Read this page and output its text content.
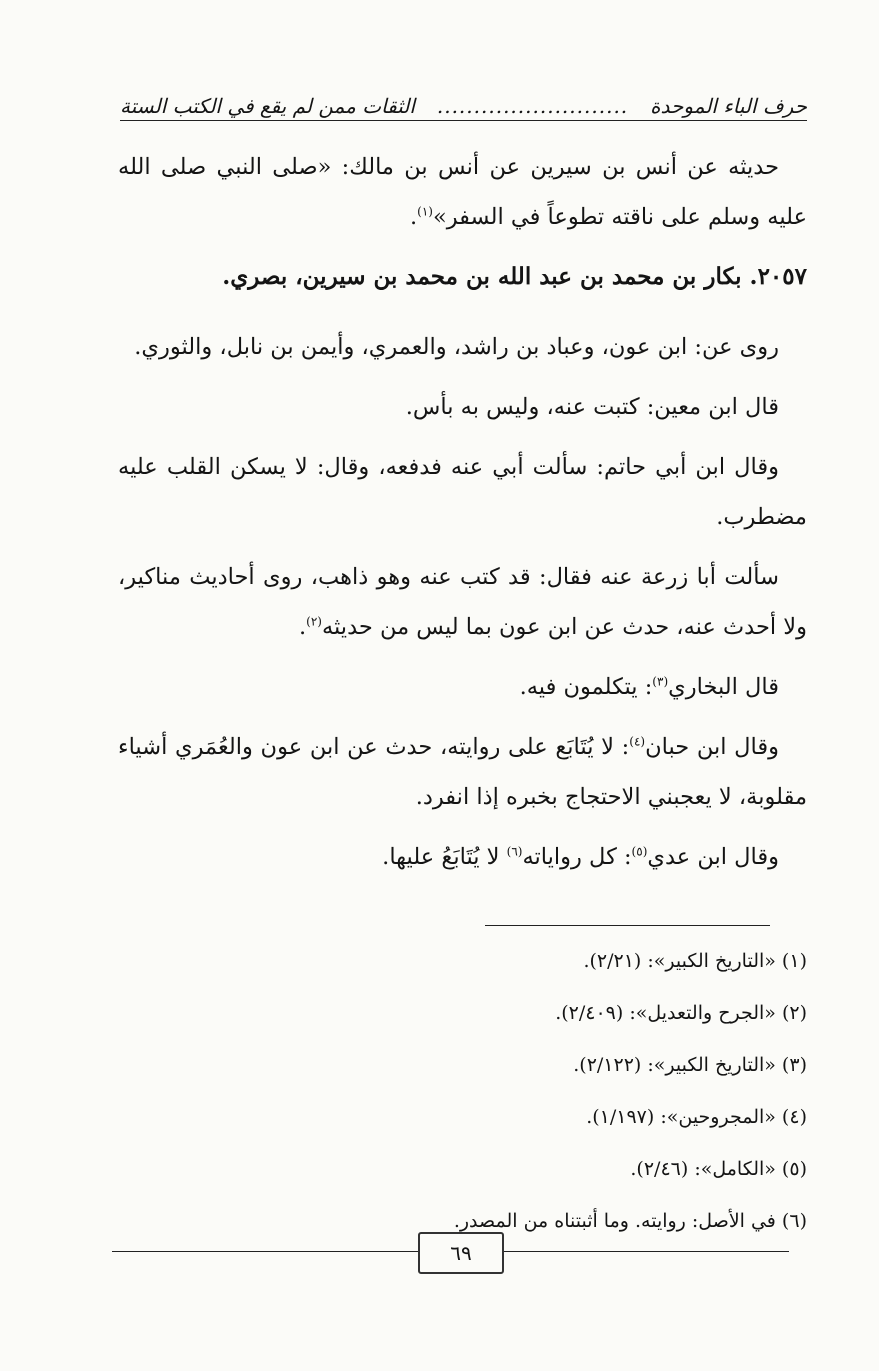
حرف الباء الموحدة
..........................
الثقات ممن لم يقع في الكتب الستة

حديثه عن أنس بن سيرين عن أنس بن مالك: «صلى النبي صلى الله عليه وسلم على ناقته تطوعاً في السفر»$^{(١)}$.

٢٠٥٧. بكار بن محمد بن عبد الله بن محمد بن سيرين، بصري.

روى عن: ابن عون، وعباد بن راشد، والعمري، وأيمن بن نابل، والثوري.

قال ابن معين: كتبت عنه، وليس به بأس.

وقال ابن أبي حاتم: سألت أبي عنه فدفعه، وقال: لا يسكن القلب عليه مضطرب.

سألت أبا زرعة عنه فقال: قد كتب عنه وهو ذاهب، روى أحاديث مناكير، ولا أحدث عنه، حدث عن ابن عون بما ليس من حديثه$^{(٢)}$.

قال البخاري$^{(٣)}$: يتكلمون فيه.

وقال ابن حبان$^{(٤)}$: لا يُتَابَع على روايته، حدث عن ابن عون والعُمَري أشياء مقلوبة، لا يعجبني الاحتجاج بخبره إذا انفرد.

وقال ابن عدي$^{(٥)}$: كل رواياته$^{(٦)}$ لا يُتَابَعُ عليها.

(١) «التاريخ الكبير»: (٢/٢١).
(٢) «الجرح والتعديل»: (٢/٤٠٩).
(٣) «التاريخ الكبير»: (٢/١٢٢).
(٤) «المجروحين»: (١/١٩٧).
(٥) «الكامل»: (٢/٤٦).
(٦) في الأصل: روايته. وما أثبتناه من المصدر.
٦٩
